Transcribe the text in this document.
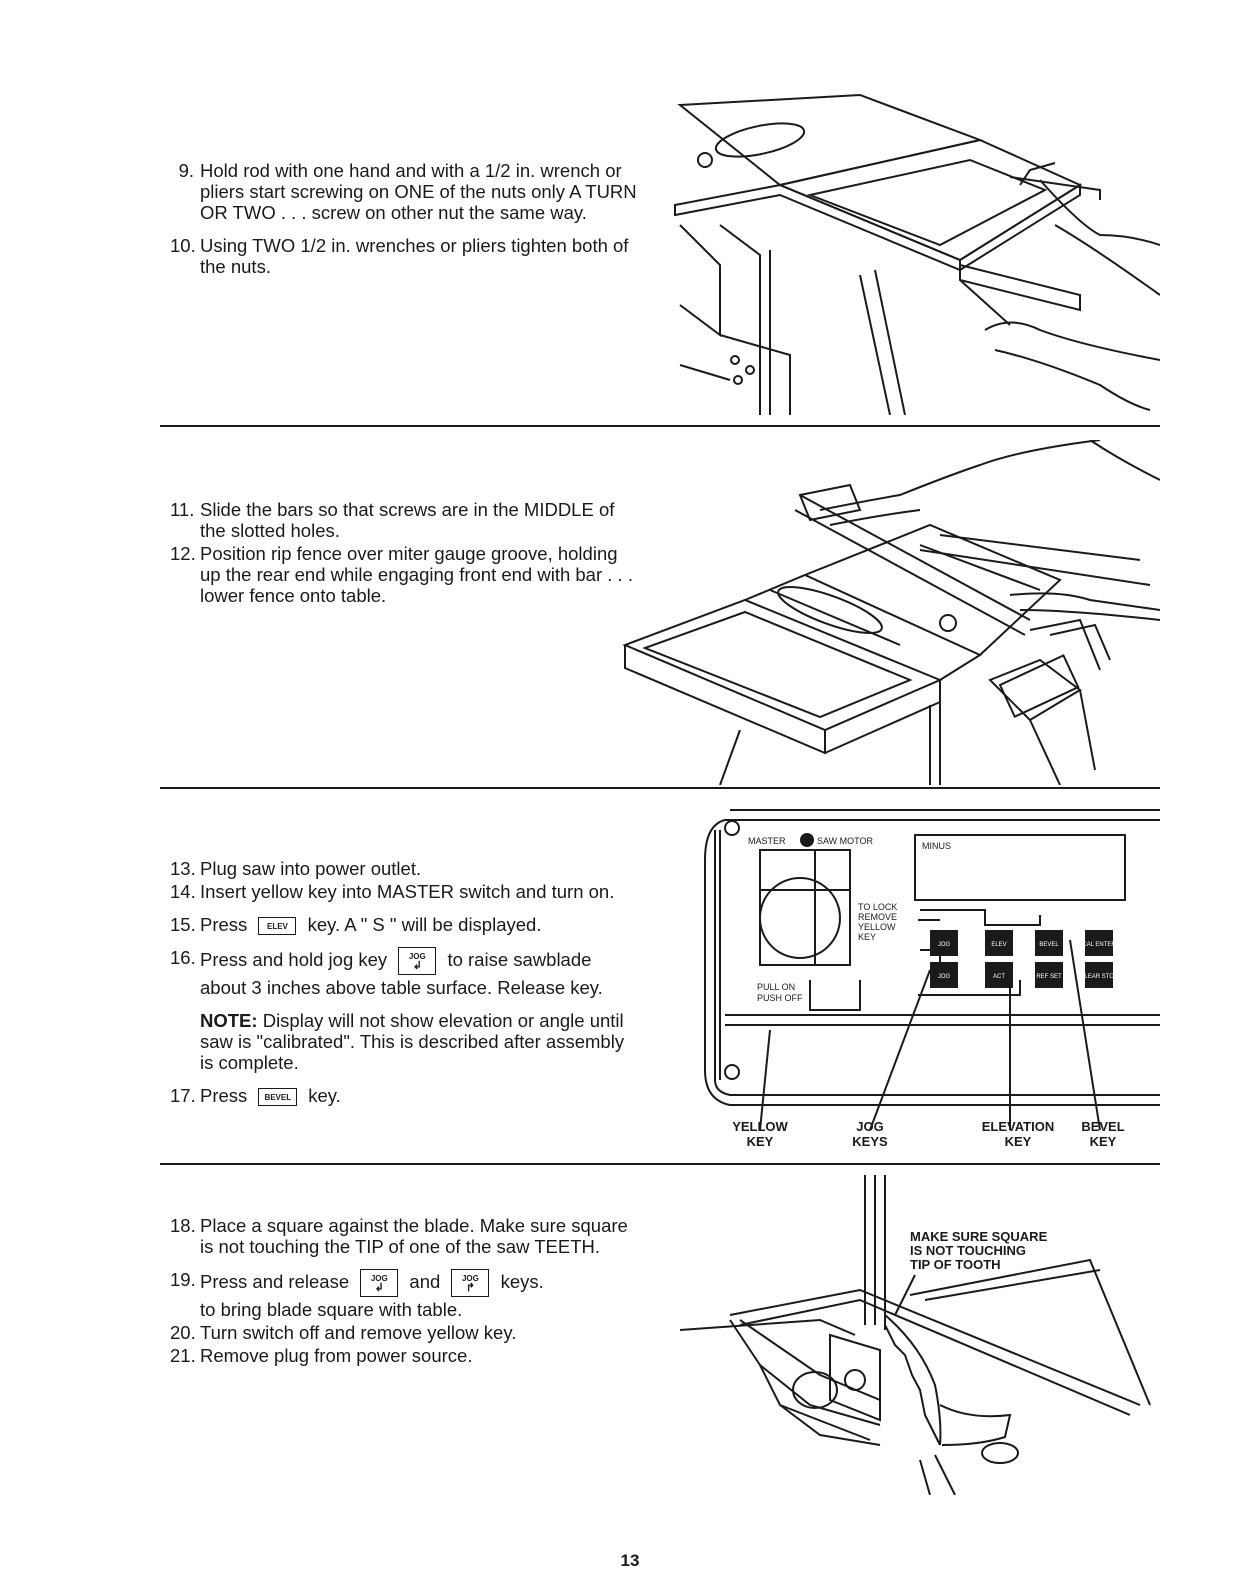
9. Hold rod with one hand and with a 1/2 in. wrench or pliers start screwing on ONE of the nuts only A TURN OR TWO . . . screw on other nut the same way.
10. Using TWO 1/2 in. wrenches or pliers tighten both of the nuts.
11. Slide the bars so that screws are in the MIDDLE of the slotted holes.
12. Position rip fence over miter gauge groove, holding up the rear end while engaging front end with bar . . . lower fence onto table.
13. Plug saw into power outlet.
14. Insert yellow key into MASTER switch and turn on.
15. Press ELEV key. A " S " will be displayed.
16. Press and hold jog key	JOG
↲	to raise sawblade
about 3 inches above table surface. Release key.
NOTE: Display will not show elevation or angle until saw is "calibrated". This is described after assembly is complete.
17. Press BEVEL key.
MASTER	SAW MOTOR	MINUS
TO LOCK
REMOVE
YELLOW
KEY
PULL ON
PUSH OFF
JOG	ELEV	BEVEL	CAL ENTER
JOG	ACT	REF SET	CLEAR STOP
YELLOW
KEY
JOG
KEYS
ELEVATION
KEY
BEVEL
KEY
18. Place a square against the blade. Make sure square is not touching the TIP of one of the saw TEETH.
19. Press and release	JOG
↲	and	JOG
↱	keys.
to bring blade square with table.
20. Turn switch off and remove yellow key.
21. Remove plug from power source.
MAKE SURE SQUARE
IS NOT TOUCHING
TIP OF TOOTH
13
